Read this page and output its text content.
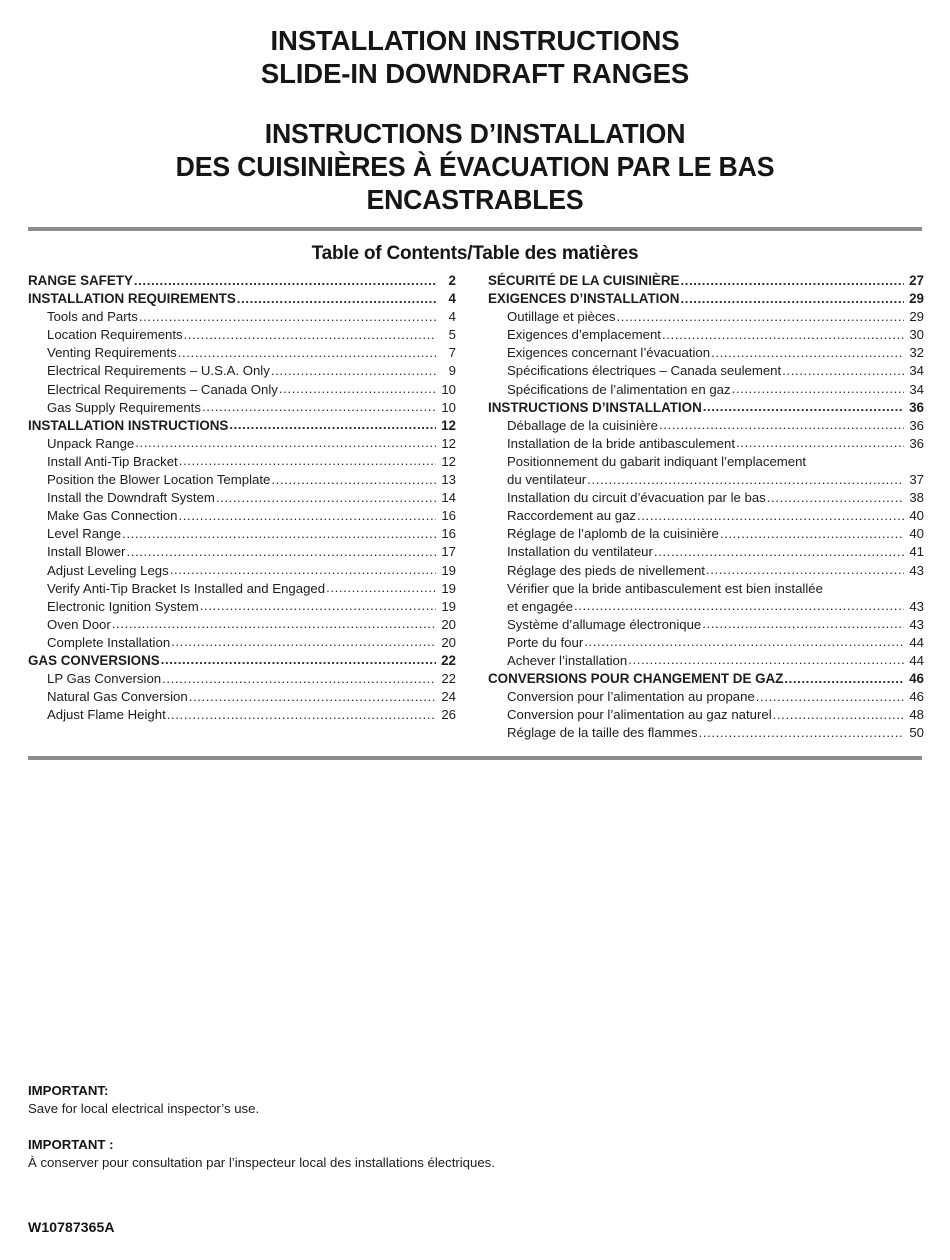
INSTALLATION INSTRUCTIONS
SLIDE-IN DOWNDRAFT RANGES
INSTRUCTIONS D’INSTALLATION
DES CUISINIÈRES À ÉVACUATION PAR LE BAS
ENCASTRABLES
Table of Contents/Table des matières
RANGE SAFETY .....	2
INSTALLATION REQUIREMENTS .....	4
Tools and Parts .....	4
Location Requirements .....	5
Venting Requirements .....	7
Electrical Requirements – U.S.A. Only .....	9
Electrical Requirements – Canada Only .....	10
Gas Supply Requirements .....	10
INSTALLATION INSTRUCTIONS .....	12
Unpack Range .....	12
Install Anti-Tip Bracket .....	12
Position the Blower Location Template .....	13
Install the Downdraft System .....	14
Make Gas Connection .....	16
Level Range .....	16
Install Blower .....	17
Adjust Leveling Legs .....	19
Verify Anti-Tip Bracket Is Installed and Engaged .....	19
Electronic Ignition System .....	19
Oven Door .....	20
Complete Installation .....	20
GAS CONVERSIONS .....	22
LP Gas Conversion .....	22
Natural Gas Conversion .....	24
Adjust Flame Height .....	26
SÉCURITÉ DE LA CUISINIÈRE .....	27
EXIGENCES D’INSTALLATION .....	29
Outillage et pièces .....	29
Exigences d’emplacement .....	30
Exigences concernant l’évacuation .....	32
Spécifications électriques – Canada seulement .....	34
Spécifications de l’alimentation en gaz .....	34
INSTRUCTIONS D’INSTALLATION .....	36
Déballage de la cuisinière .....	36
Installation de la bride antibasculement .....	36
Positionnement du gabarit indiquant l’emplacement
du ventilateur .....	37
Installation du circuit d’évacuation par le bas .....	38
Raccordement au gaz .....	40
Réglage de l’aplomb de la cuisinière .....	40
Installation du ventilateur .....	41
Réglage des pieds de nivellement .....	43
Vérifier que la bride antibasculement est bien installée
et engagée .....	43
Système d’allumage électronique .....	43
Porte du four .....	44
Achever l’installation .....	44
CONVERSIONS POUR CHANGEMENT DE GAZ .....	46
Conversion pour l’alimentation au propane .....	46
Conversion pour l’alimentation au gaz naturel .....	48
Réglage de la taille des flammes .....	50
IMPORTANT:
Save for local electrical inspector’s use.
IMPORTANT :
À conserver pour consultation par l’inspecteur local des installations électriques.
W10787365A
